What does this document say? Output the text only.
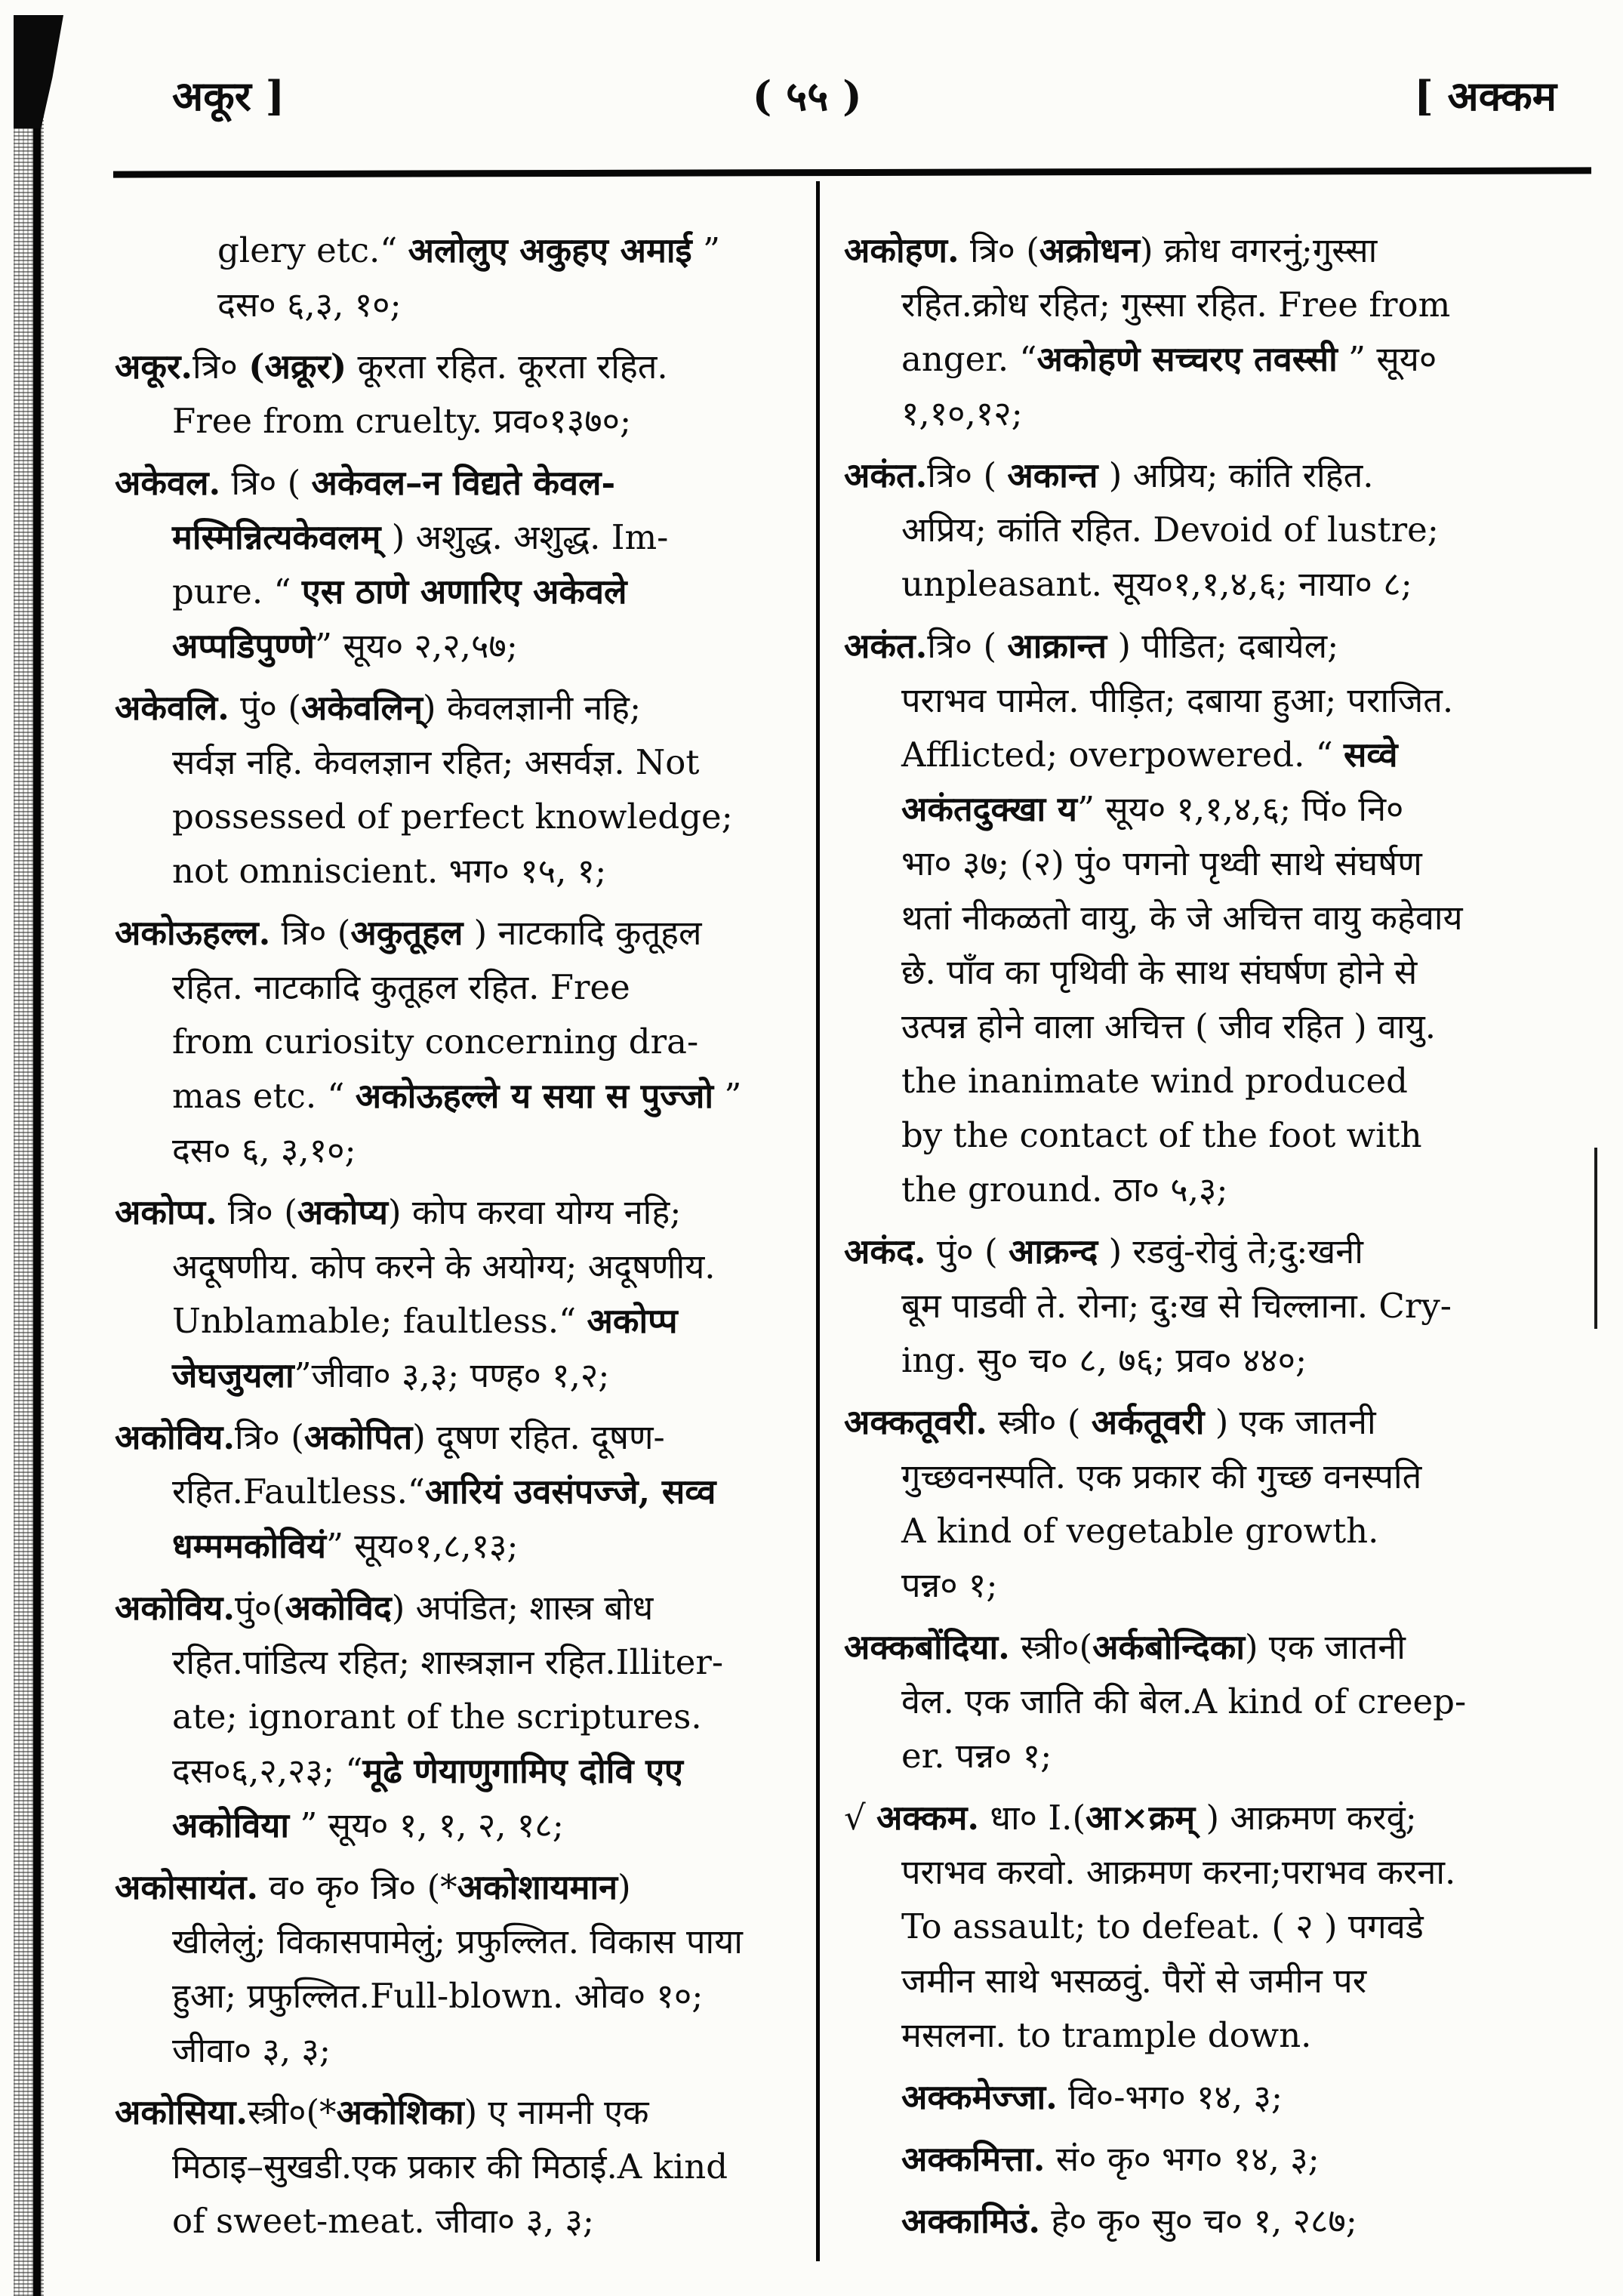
अकूर ]	( ५५ )	[ अक्कम
glery etc.“ अलोलुए अकुहए अमाई ”
दस० ६,३, १०;
अकूर.त्रि० (अक्रूर) कूरता रहित. कूरता रहित.
Free from cruelty. प्रव०१३७०;
अकेवल. त्रि० ( अकेवल–न विद्यते केवल-
मस्मिन्नित्यकेवलम् ) अशुद्ध. अशुद्ध. Im-
pure. “ एस ठाणे अणारिए अकेवले
अप्पडिपुण्णे” सूय० २,२,५७;
अकेवलि. पुं० (अकेवलिन्) केवलज्ञानी नहि;
सर्वज्ञ नहि. केवलज्ञान रहित; असर्वज्ञ. Not
possessed of perfect knowledge;
not omniscient. भग० १५, १;
अकोऊहल्ल. त्रि० (अकुतूहल ) नाटकादि कुतूहल
रहित. नाटकादि कुतूहल रहित. Free
from curiosity concerning dra-
mas etc. “ अकोऊहल्ले य सया स पुज्जो ”
दस० ६, ३,१०;
अकोप्प. त्रि० (अकोप्य) कोप करवा योग्य नहि;
अदूषणीय. कोप करने के अयोग्य; अदूषणीय.
Unblamable; faultless.“ अकोप्प
जेघजुयला”जीवा० ३,३; पण्ह० १,२;
अकोविय.त्रि० (अकोपित) दूषण रहित. दूषण-
रहित.Faultless.“आरियं उवसंपज्जे, सव्व
धम्ममकोवियं” सूय०१,८,१३;
अकोविय.पुं०(अकोविद) अपंडित; शास्त्र बोध
रहित.पांडित्य रहित; शास्त्रज्ञान रहित.Illiter-
ate; ignorant of the scriptures.
दस०६,२,२३; “मूढे णेयाणुगामिए दोवि एए
अकोविया ” सूय० १, १, २, १८;
अकोसायंत. व० कृ० त्रि० (*अकोशायमान)
खीलेलुं; विकासपामेलुं; प्रफुल्लित. विकास पाया
हुआ; प्रफुल्लित.Full-blown. ओव० १०;
जीवा० ३, ३;
अकोसिया.स्त्री०(*अकोशिका) ए नामनी एक
मिठाइ–सुखडी.एक प्रकार की मिठाई.A kind
of sweet-meat. जीवा० ३, ३;
अकोहण. त्रि० (अक्रोधन) क्रोध वगरनुं;गुस्सा
रहित.क्रोध रहित; गुस्सा रहित. Free from
anger. “अकोहणे सच्चरए तवस्सी ” सूय०
१,१०,१२;
अकंत.त्रि० ( अकान्त ) अप्रिय; कांति रहित.
अप्रिय; कांति रहित. Devoid of lustre;
unpleasant. सूय०१,१,४,६; नाया० ८;
अकंत.त्रि० ( आक्रान्त ) पीडित; दबायेल;
पराभव पामेल. पीड़ित; दबाया हुआ; पराजित.
Afflicted; overpowered. “ सव्वे
अकंतदुक्खा य” सूय० १,१,४,६; पिं० नि०
भा० ३७; (२) पुं० पगनो पृथ्वी साथे संघर्षण
थतां नीकळतो वायु, के जे अचित्त वायु कहेवाय
छे. पाँव का पृथिवी के साथ संघर्षण होने से
उत्पन्न होने वाला अचित्त ( जीव रहित ) वायु.
the inanimate wind produced
by the contact of the foot with
the ground. ठा० ५,३;
अकंद. पुं० ( आक्रन्द ) रडवुं-रोवुं ते;दु:खनी
बूम पाडवी ते. रोना; दु:ख से चिल्लाना. Cry-
ing. सु० च० ८, ७६; प्रव० ४४०;
अक्कतूवरी. स्त्री० ( अर्कतूवरी ) एक जातनी
गुच्छवनस्पति. एक प्रकार की गुच्छ वनस्पति
A kind of vegetable growth.
पन्न० १;
अक्कबोंदिया. स्त्री०(अर्कबोन्दिका) एक जातनी
वेल. एक जाति की बेल.A kind of creep-
er. पन्न० १;
√ अक्कम. धा० I.(आ×क्रम् ) आक्रमण करवुं;
पराभव करवो. आक्रमण करना;पराभव करना.
To assault; to defeat. ( २ ) पगवडे
जमीन साथे भसळवुं. पैरों से जमीन पर
मसलना. to trample down.
अक्कमेज्जा. वि०-भग० १४, ३;
अक्कमित्ता. सं० कृ० भग० १४, ३;
अक्कामिउं. हे० कृ० सु० च० १, २८७;
